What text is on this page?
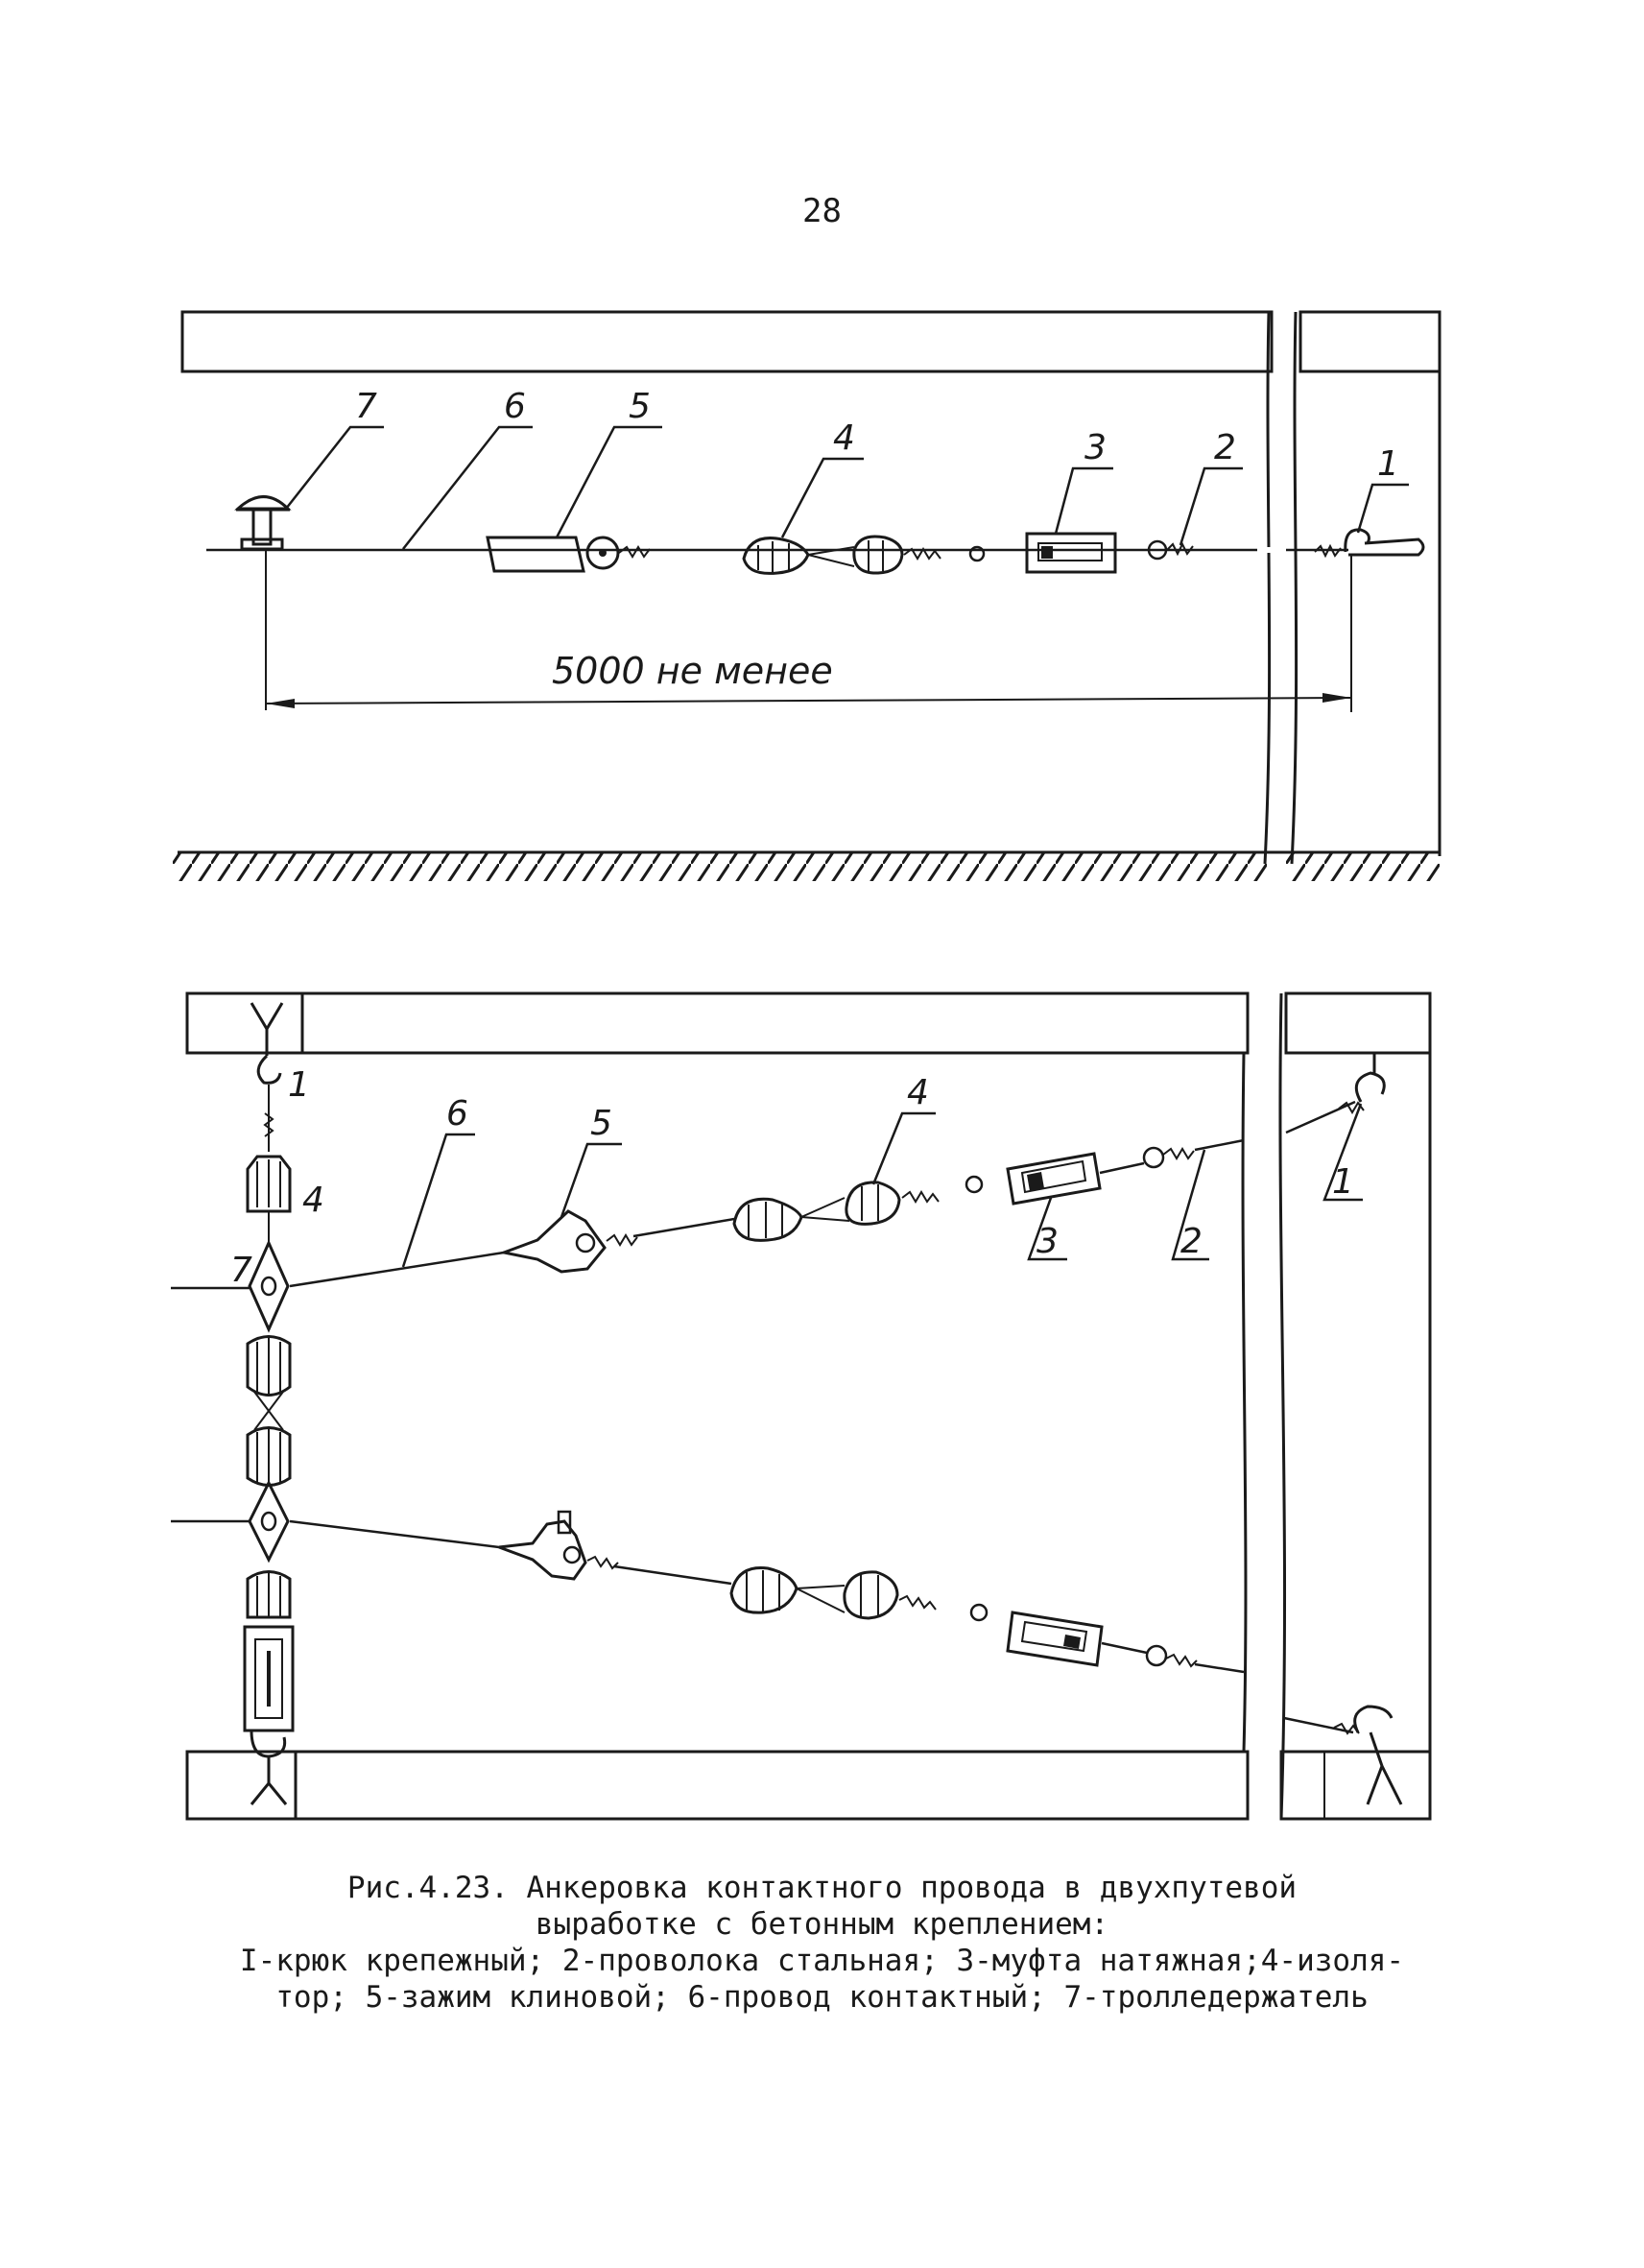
28
5000 не менее
7	6	5
4	3	2	1
1
4
7
6	5
4
3	2
1
Рис.4.23. Анкеровка контактного провода в двухпутевой
выработке с бетонным креплением:
I-крюк крепежный; 2-проволока стальная; 3-муфта натяжная;4-изоля-
тор; 5-зажим клиновой; 6-провод контактный; 7-тролледержатель
